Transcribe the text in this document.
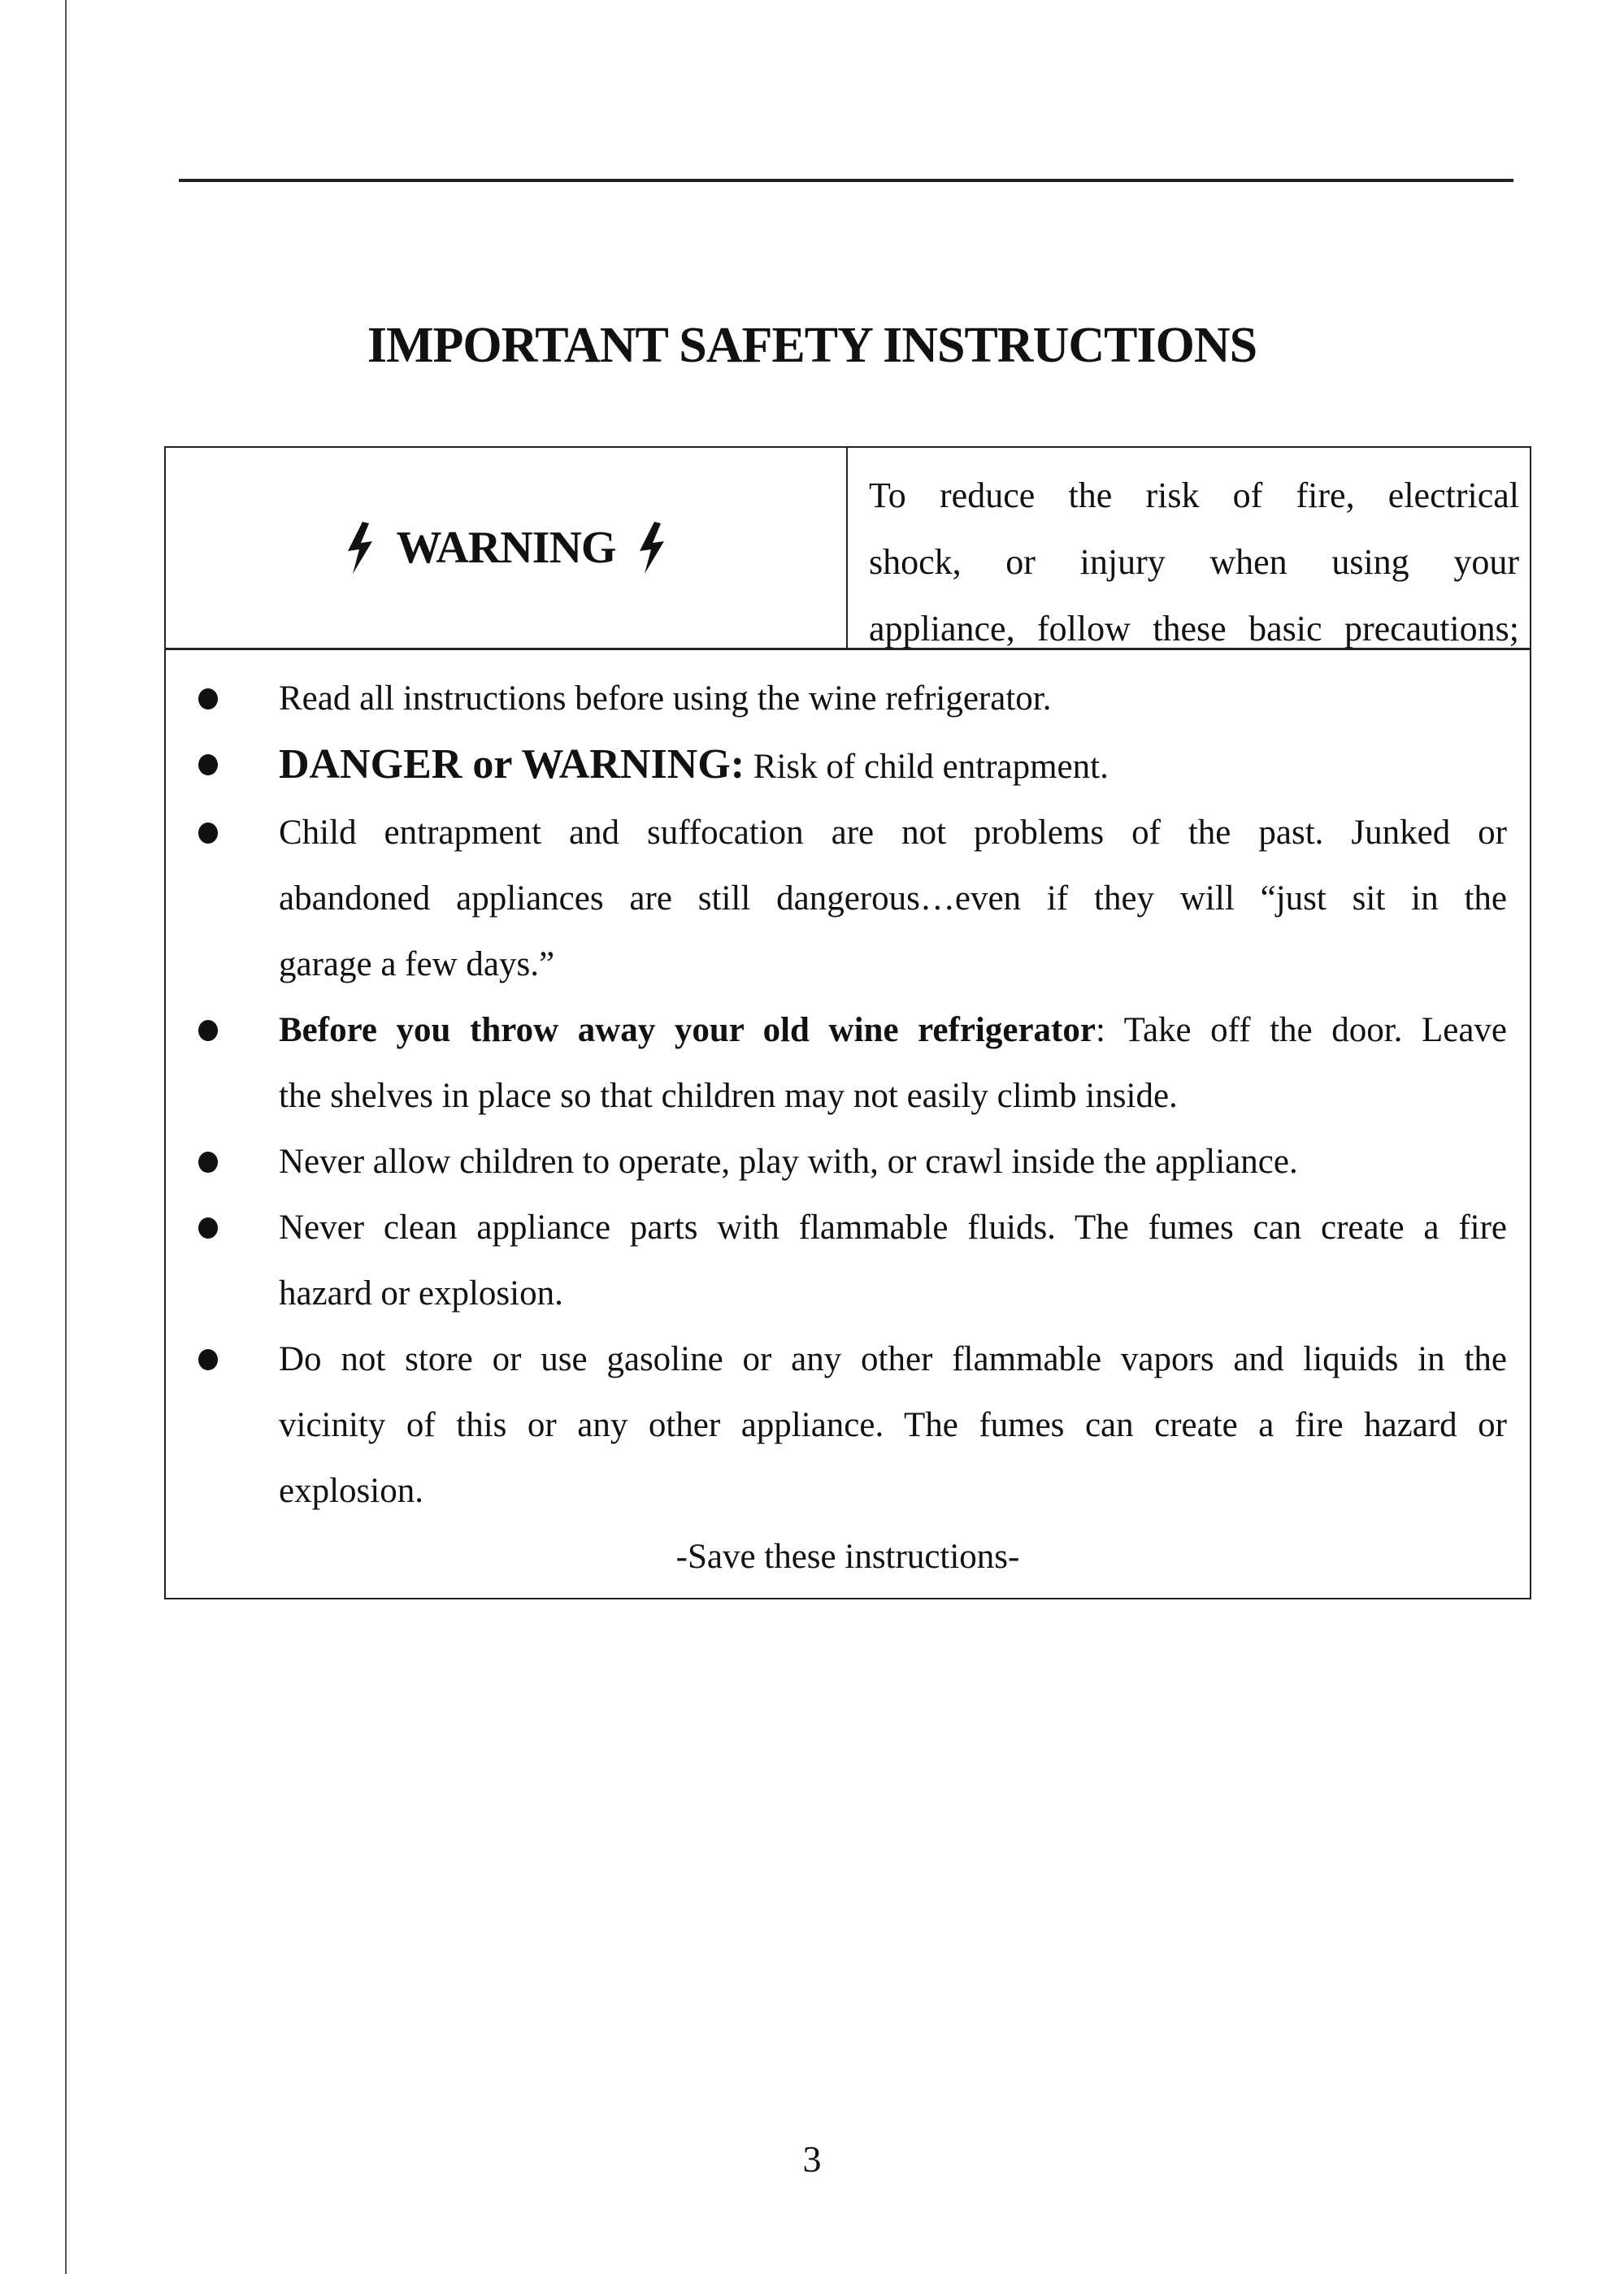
IMPORTANT SAFETY INSTRUCTIONS
WARNING
To reduce the risk of fire, electrical
shock, or injury when using your
appliance, follow these basic precautions;
Read all instructions before using the wine refrigerator.
DANGER or WARNING: Risk of child entrapment.
Child entrapment and suffocation are not problems of the past. Junked or
abandoned appliances are still dangerous…even if they will “just sit in the
garage a few days.”
Before you throw away your old wine refrigerator: Take off the door. Leave
the shelves in place so that children may not easily climb inside.
Never allow children to operate, play with, or crawl inside the appliance.
Never clean appliance parts with flammable fluids. The fumes can create a fire
hazard or explosion.
Do not store or use gasoline or any other flammable vapors and liquids in the
vicinity of this or any other appliance. The fumes can create a fire hazard or
explosion.
-Save these instructions-
3
